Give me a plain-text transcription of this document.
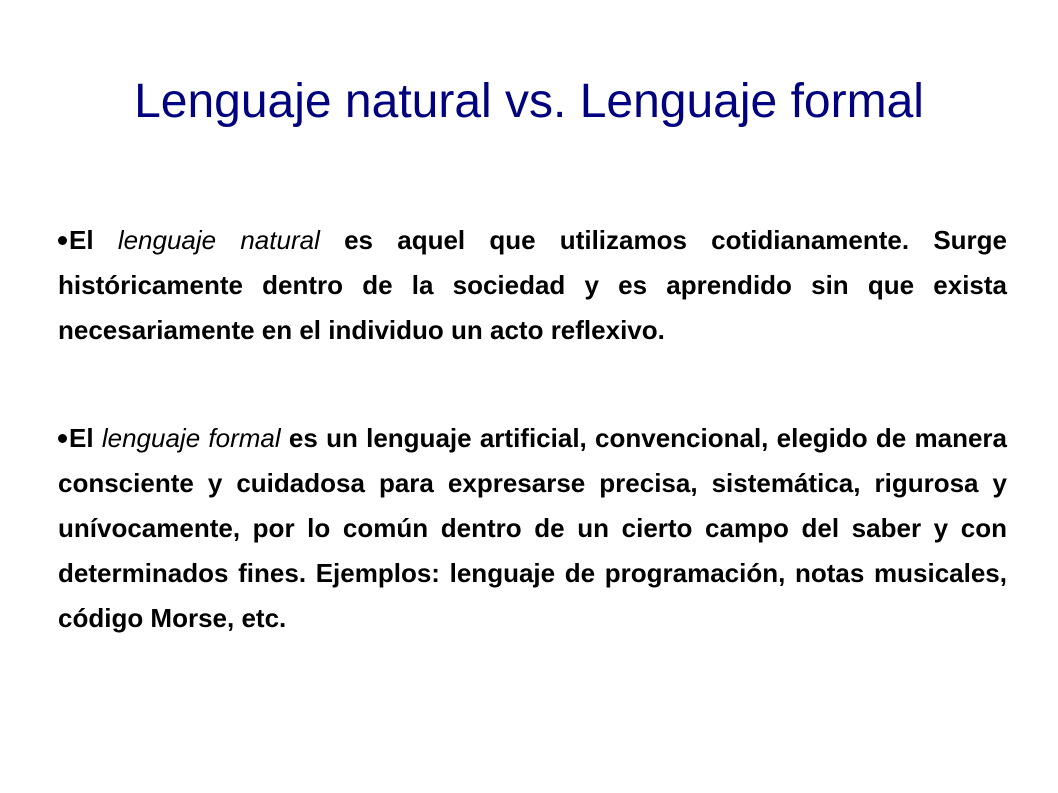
Lenguaje natural vs. Lenguaje formal
El lenguaje natural es aquel que utilizamos cotidianamente. Surge históricamente dentro de la sociedad y es aprendido sin que exista necesariamente en el individuo un acto reflexivo.
El lenguaje formal es un lenguaje artificial, convencional, elegido de manera consciente y cuidadosa para expresarse precisa, sistemática, rigurosa y unívocamente, por lo común dentro de un cierto campo del saber y con determinados fines. Ejemplos: lenguaje de programación, notas musicales, código Morse, etc.
